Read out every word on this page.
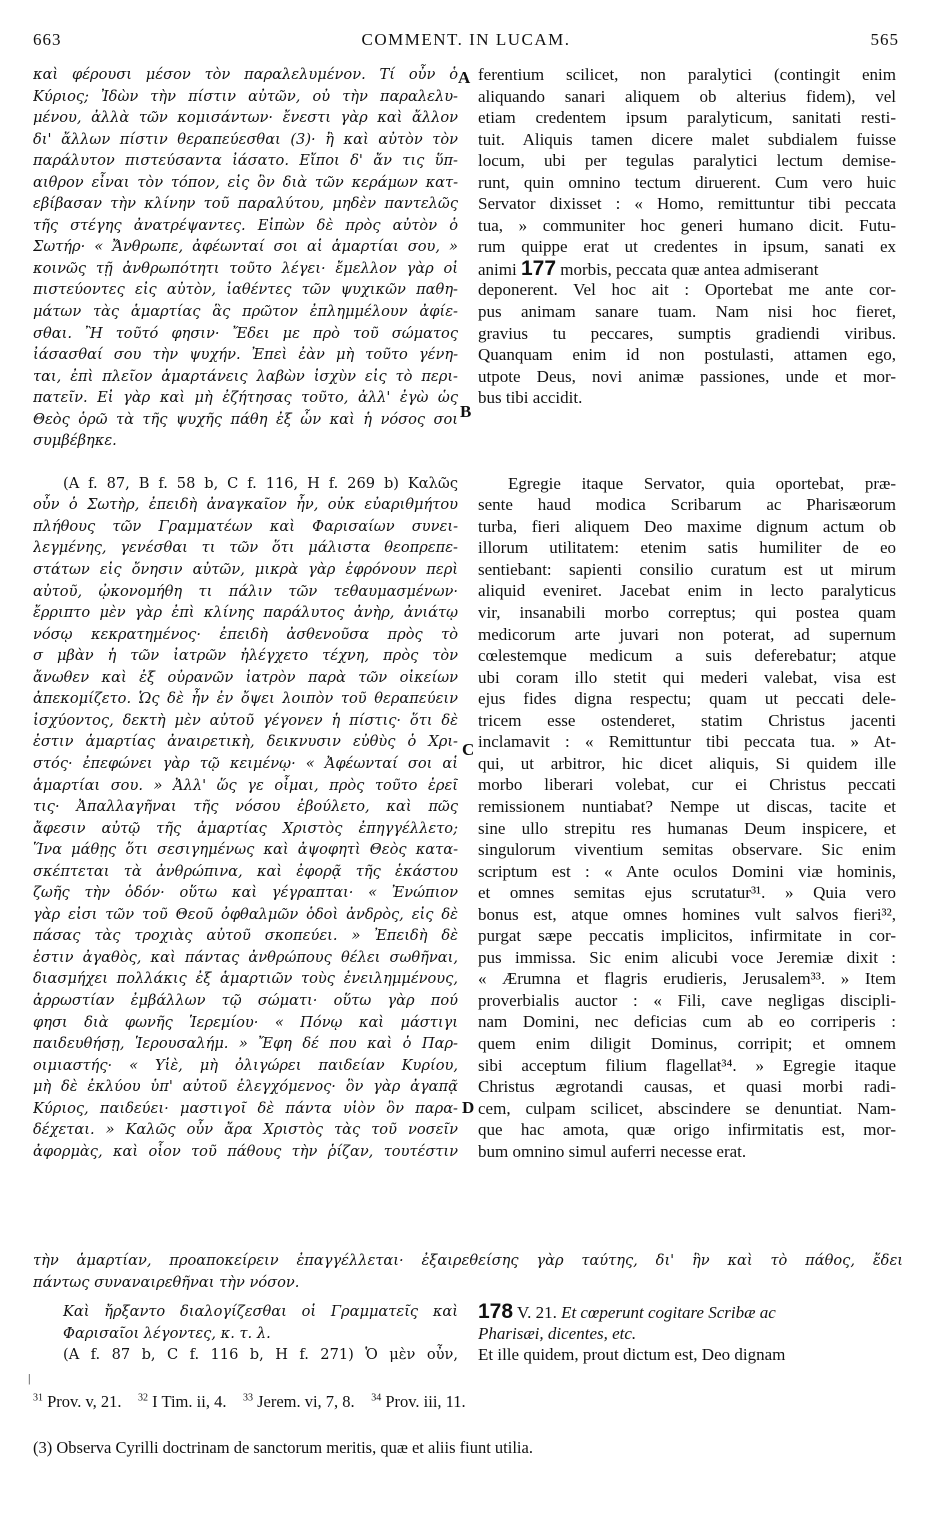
663	COMMENT. IN LUCAM.	565
καὶ φέρουσι μέσον τὸν παραλελυμένον. Τί οὖν ὁ
Κύριος; Ἰδὼν τὴν πίστιν αὐτῶν, οὐ τὴν παραλελυ-
μένου, ἀλλὰ τῶν κομισάντων· ἔνεστι γὰρ καὶ ἄλλον
δι' ἄλλων πίστιν θεραπεύεσθαι (3)· ἢ καὶ αὐτὸν τὸν
παράλυτον πιστεύσαντα ἰάσατο. Εἴποι δ' ἄν τις ὕπ-
αιθρον εἶναι τὸν τόπον, εἰς ὃν διὰ τῶν κεράμων κατ-
εβίβασαν τὴν κλίνην τοῦ παραλύτου, μηδὲν παντελῶς
τῆς στέγης ἀνατρέψαντες. Εἰπὼν δὲ πρὸς αὐτὸν ὁ
Σωτήρ· « Ἄνθρωπε, ἀφέωνταί σοι αἱ ἁμαρτίαι σου, »
κοινῶς τῇ ἀνθρωπότητι τοῦτο λέγει· ἔμελλον γὰρ οἱ
πιστεύοντες εἰς αὐτὸν, ἰαθέντες τῶν ψυχικῶν παθη-
μάτων τὰς ἁμαρτίας ἃς πρῶτον ἐπλημμέλουν ἀφίε-
σθαι. Ἢ τοῦτό φησιν· Ἔδει με πρὸ τοῦ σώματος
ἰάσασθαί σου τὴν ψυχήν. Ἐπεὶ ἐὰν μὴ τοῦτο γένη-
ται, ἐπὶ πλεῖον ἁμαρτάνεις λαβὼν ἰσχὺν εἰς τὸ περι-
πατεῖν. Εἰ γὰρ καὶ μὴ ἐζήτησας τοῦτο, ἀλλ' ἐγὼ ὡς
Θεὸς ὁρῶ τὰ τῆς ψυχῆς πάθη ἐξ ὧν καὶ ἡ νόσος σοι
συμβέβηκε.
(A f. 87, B f. 58 b, C f. 116, H f. 269 b) Καλῶς
οὖν ὁ Σωτὴρ, ἐπειδὴ ἀναγκαῖον ἦν, οὐκ εὐαριθμήτου
πλήθους τῶν Γραμματέων καὶ Φαρισαίων συνει-
λεγμένης, γενέσθαι τι τῶν ὅτι μάλιστα θεοπρεπε-
στάτων εἰς ὄνησιν αὐτῶν, μικρὰ γὰρ ἐφρόνουν περὶ
αὐτοῦ, ᾠκονομήθη τι πάλιν τῶν τεθαυμασμένων·
ἔρριπτο μὲν γὰρ ἐπὶ κλίνης παράλυτος ἀνὴρ, ἀνιάτῳ
νόσῳ κεκρατημένος· ἐπειδὴ ἀσθενοῦσα πρὸς τὸ
σ μβὰν ἡ τῶν ἰατρῶν ἠλέγχετο τέχνη, πρὸς τὸν
ἄνωθεν καὶ ἐξ οὐρανῶν ἰατρὸν παρὰ τῶν οἰκείων
ἀπεκομίζετο. Ὡς δὲ ἦν ἐν ὄψει λοιπὸν τοῦ θεραπεύειν
ἰσχύοντος, δεκτὴ μὲν αὐτοῦ γέγονεν ἡ πίστις· ὅτι δὲ
ἐστιν ἁμαρτίας ἀναιρετικὴ, δεικνυσιν εὐθὺς ὁ Χρι-
στός· ἐπεφώνει γὰρ τῷ κειμένῳ· « Ἀφέωνταί σοι αἱ
ἁμαρτίαι σου. » Ἀλλ' ὥς γε οἶμαι, πρὸς τοῦτο ἐρεῖ
τις· Ἀπαλλαγῆναι τῆς νόσου ἐβούλετο, καὶ πῶς
ἄφεσιν αὐτῷ τῆς ἁμαρτίας Χριστὸς ἐπηγγέλλετο;
Ἵνα μάθῃς ὅτι σεσιγημένως καὶ ἀψοφητὶ Θεὸς κατα-
σκέπτεται τὰ ἀνθρώπινα, καὶ ἐφορᾷ τῆς ἑκάστου
ζωῆς τὴν ὁδόν· οὕτω καὶ γέγραπται· « Ἐνώπιον
γὰρ εἰσι τῶν τοῦ Θεοῦ ὀφθαλμῶν ὁδοὶ ἀνδρὸς, εἰς δὲ
πάσας τὰς τροχιὰς αὐτοῦ σκοπεύει. » Ἐπειδὴ δὲ
ἐστιν ἀγαθὸς, καὶ πάντας ἀνθρώπους θέλει σωθῆναι,
διασμήχει πολλάκις ἐξ ἁμαρτιῶν τοὺς ἐνειλημμένους,
ἀρρωστίαν ἐμβάλλων τῷ σώματι· οὕτω γὰρ πού
φησι διὰ φωνῆς Ἱερεμίου· « Πόνῳ καὶ μάστιγι
παιδευθήσῃ, Ἱερουσαλήμ. » Ἔφη δέ που καὶ ὁ Παρ-
οιμιαστής· « Υἱὲ, μὴ ὀλιγώρει παιδείαν Κυρίου,
μὴ δὲ ἐκλύου ὑπ' αὐτοῦ ἐλεγχόμενος· ὃν γὰρ ἀγαπᾷ
Κύριος, παιδεύει· μαστιγοῖ δὲ πάντα υἱὸν ὃν παρα-
δέχεται. » Καλῶς οὖν ἄρα Χριστὸς τὰς τοῦ νοσεῖν
ἀφορμὰς, καὶ οἷον τοῦ πάθους τὴν ῥίζαν, τουτέστιν
ferentium scilicet, non paralytici (contingit enim
aliquando sanari aliquem ob alterius fidem), vel
etiam credentem ipsum paralyticum, sanitati resti-
tuit. Aliquis tamen dicere malet subdialem fuisse
locum, ubi per tegulas paralytici lectum demise-
runt, quin omnino tectum diruerent. Cum vero huic
Servator dixisset : « Homo, remittuntur tibi peccata
tua, » communiter hoc generi humano dicit. Futu-
rum quippe erat ut credentes in ipsum, sanati ex
animi 177 morbis, peccata quæ antea admiserant
deponerent. Vel hoc ait : Oportebat me ante cor-
pus animam sanare tuam. Nam nisi hoc fieret,
gravius tu peccares, sumptis gradiendi viribus.
Quanquam enim id non postulasti, attamen ego,
utpote Deus, novi animæ passiones, unde et mor-
bus tibi accidit.
Egregie itaque Servator, quia oportebat, præ-
sente haud modica Scribarum ac Pharisæorum
turba, fieri aliquem Deo maxime dignum actum ob
illorum utilitatem: etenim satis humiliter de eo
sentiebant: sapienti consilio curatum est ut mirum
aliquid eveniret. Jacebat enim in lecto paralyticus
vir, insanabili morbo correptus; qui postea quam
medicorum arte juvari non poterat, ad supernum
cœlestemque medicum a suis deferebatur; atque
ubi coram illo stetit qui mederi valebat, visa est
ejus fides digna respectu; quam ut peccati dele-
tricem esse ostenderet, statim Christus jacenti
inclamavit : « Remittuntur tibi peccata tua. » At-
qui, ut arbitror, hic dicet aliquis, Si quidem ille
morbo liberari volebat, cur ei Christus peccati
remissionem nuntiabat? Nempe ut discas, tacite et
sine ullo strepitu res humanas Deum inspicere, et
singulorum viventium semitas observare. Sic enim
scriptum est : « Ante oculos Domini viæ hominis,
et omnes semitas ejus scrutatur³¹. » Quia vero
bonus est, atque omnes homines vult salvos fieri³²,
purgat sæpe peccatis implicitos, infirmitate in cor-
pus immissa. Sic enim alicubi voce Jeremiæ dixit :
« Ærumna et flagris erudieris, Jerusalem³³. » Item
proverbialis auctor : « Fili, cave negligas discipli-
nam Domini, nec deficias cum ab eo corriperis :
quem enim diligit Dominus, corripit; et omnem
sibi acceptum filium flagellat³⁴. » Egregie itaque
Christus ægrotandi causas, et quasi morbi radi-
cem, culpam scilicet, abscindere se denuntiat. Nam-
que hac amota, quæ origo infirmitatis est, mor-
bum omnino simul auferri necesse erat.
τὴν ἁμαρτίαν, προαποκείρειν ἐπαγγέλλεται· ἐξαιρεθείσης γὰρ ταύτης, δι' ἣν καὶ τὸ πάθος, ἔδει
πάντως συναναιρεθῆναι τὴν νόσον.
Καὶ ἤρξαντο διαλογίζεσθαι οἱ Γραμματεῖς καὶ
Φαρισαῖοι λέγοντες, κ. τ. λ.
(A f. 87 b, C f. 116 b, H f. 271) Ὁ μὲν οὖν,
178 V. 21. Et cœperunt cogitare Scribæ ac
Pharisæi, dicentes, etc.
Et ille quidem, prout dictum est, Deo dignam
A
B
C
D
|
$^{31}$ Prov. v, 21. $^{32}$ I Tim. ii, 4. $^{33}$ Jerem. vi, 7, 8. $^{34}$ Prov. iii, 11.
(3) Observa Cyrilli doctrinam de sanctorum meritis, quæ et aliis fiunt utilia.
